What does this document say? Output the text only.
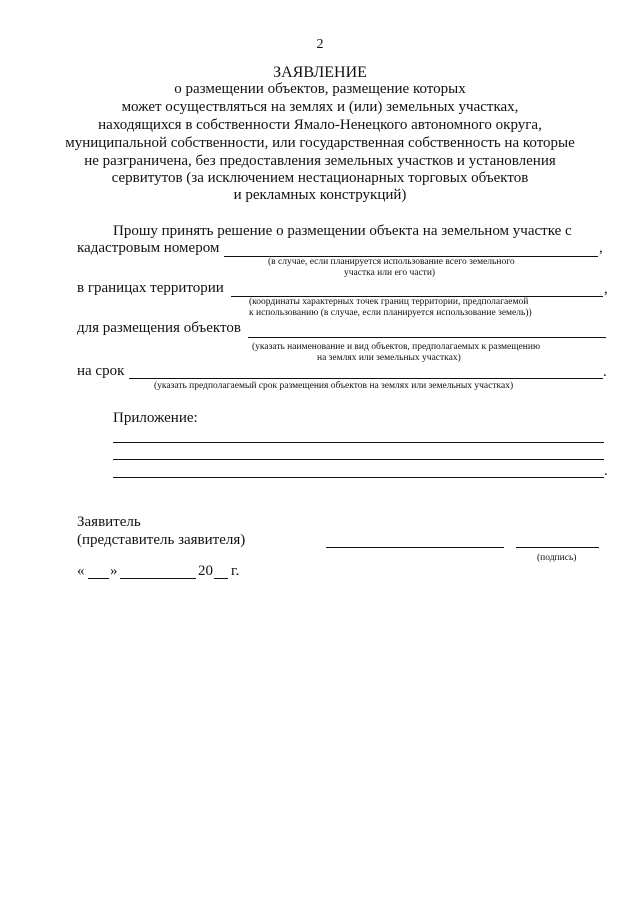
2
ЗАЯВЛЕНИЕ
о размещении объектов, размещение которых
может осуществляться на землях и (или) земельных участках,
находящихся в собственности Ямало-Ненецкого автономного округа,
муниципальной собственности, или государственная собственность на которые
не разграничена, без предоставления земельных участков и установления
сервитутов (за исключением нестационарных торговых объектов
и рекламных конструкций)
Прошу принять решение о размещении объекта на земельном участке с
кадастровым номером	,
(в случае, если планируется использование всего земельного
участка или его части)
в границах территории	,
(координаты характерных точек границ территории, предполагаемой
к использованию (в случае, если планируется использование земель))
для размещения объектов
(указать наименование и вид объектов, предполагаемых к размещению
на землях или земельных участках)
на срок	.
(указать предполагаемый срок размещения объектов на землях или земельных участках)
Приложение:
.
Заявитель
(представитель заявителя)
(подпись)
« »	20 г.
